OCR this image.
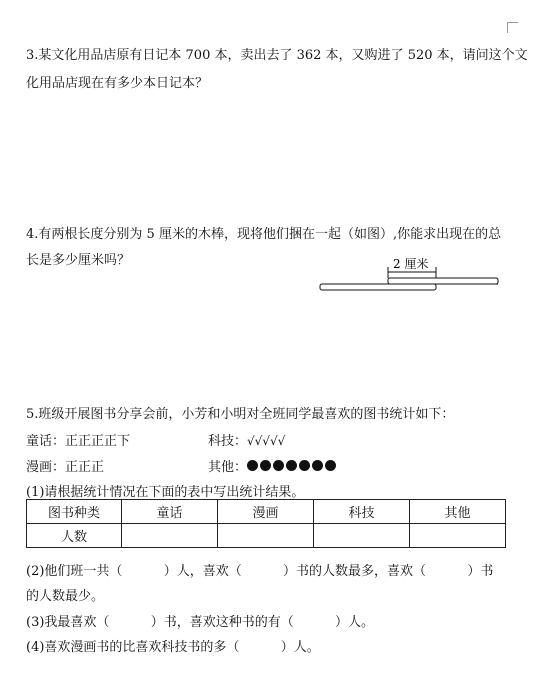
3.某文化用品店原有日记本 700 本，卖出去了 362 本，又购进了 520 本，请问这个文
化用品店现在有多少本日记本？
4.有两根长度分别为 5 厘米的木棒，现将他们捆在一起（如图）,你能求出现在的总
长是多少厘米吗？	2 厘米
5.班级开展图书分享会前，小芳和小明对全班同学最喜欢的图书统计如下：
童话：正正正正下	科技：√√√√√
漫画：正正正	其他：
(1)请根据统计情况在下面的表中写出统计结果。
图书种类	童话	漫画	科技	其他
人数				
(2)他们班一共（          ）人，喜欢（          ）书的人数最多，喜欢（          ）书
的人数最少。
(3)我最喜欢（          ）书，喜欢这种书的有（          ）人。
(4)喜欢漫画书的比喜欢科技书的多（          ）人。
